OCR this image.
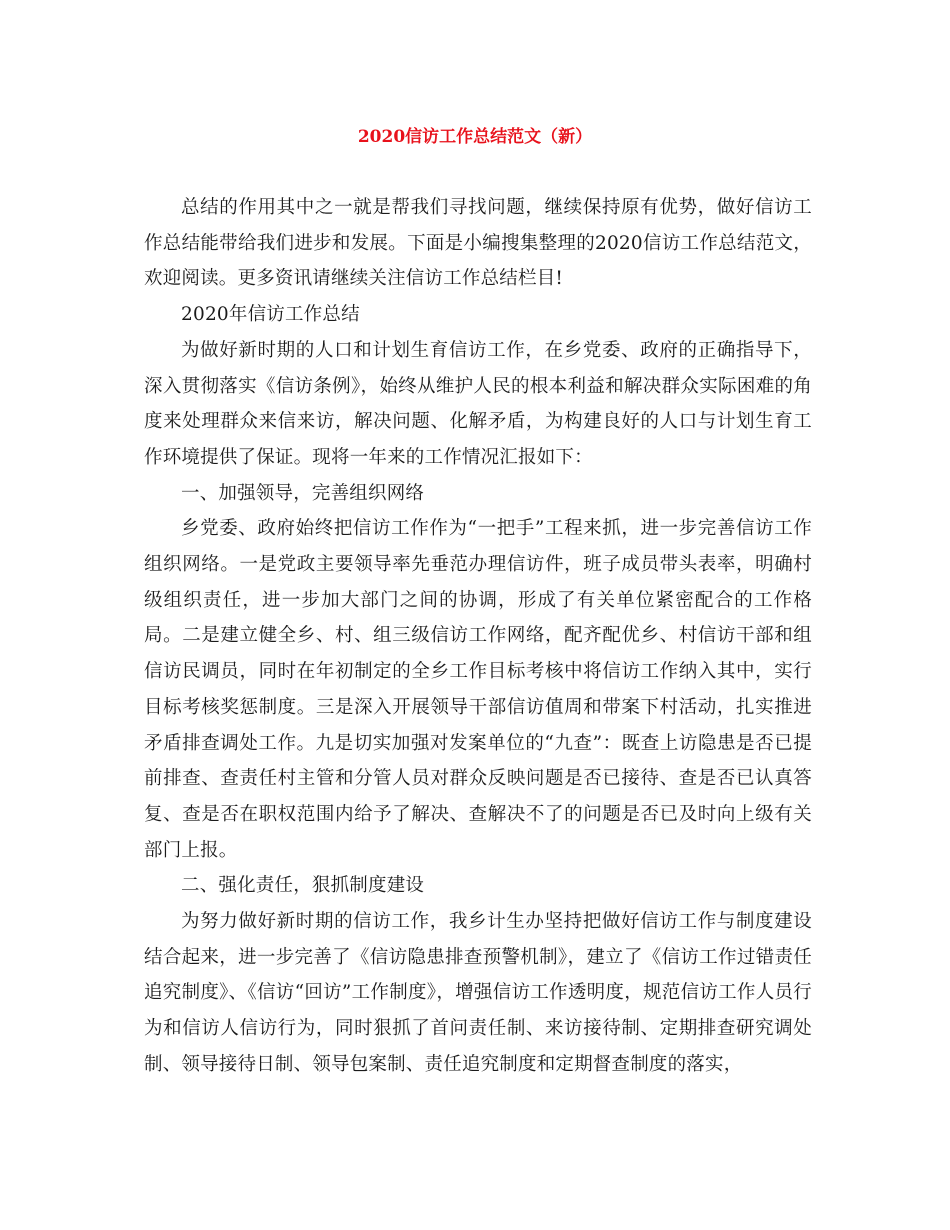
2020信访工作总结范文（新）

总结的作用其中之一就是帮我们寻找问题，继续保持原有优势，做好信访工作总结能带给我们进步和发展。下面是小编搜集整理的2020信访工作总结范文，欢迎阅读。更多资讯请继续关注信访工作总结栏目!

2020年信访工作总结

为做好新时期的人口和计划生育信访工作，在乡党委、政府的正确指导下，深入贯彻落实《信访条例》，始终从维护人民的根本利益和解决群众实际困难的角度来处理群众来信来访，解决问题、化解矛盾，为构建良好的人口与计划生育工作环境提供了保证。现将一年来的工作情况汇报如下：

一、加强领导，完善组织网络

乡党委、政府始终把信访工作作为“一把手”工程来抓，进一步完善信访工作组织网络。一是党政主要领导率先垂范办理信访件，班子成员带头表率，明确村级组织责任，进一步加大部门之间的协调，形成了有关单位紧密配合的工作格局。二是建立健全乡、村、组三级信访工作网络，配齐配优乡、村信访干部和组信访民调员，同时在年初制定的全乡工作目标考核中将信访工作纳入其中，实行目标考核奖惩制度。三是深入开展领导干部信访值周和带案下村活动，扎实推进矛盾排查调处工作。九是切实加强对发案单位的“九查”：既查上访隐患是否已提前排查、查责任村主管和分管人员对群众反映问题是否已接待、查是否已认真答复、查是否在职权范围内给予了解决、查解决不了的问题是否已及时向上级有关部门上报。

二、强化责任，狠抓制度建设

为努力做好新时期的信访工作，我乡计生办坚持把做好信访工作与制度建设结合起来，进一步完善了《信访隐患排查预警机制》，建立了《信访工作过错责任追究制度》、《信访“回访”工作制度》，增强信访工作透明度，规范信访工作人员行为和信访人信访行为，同时狠抓了首问责任制、来访接待制、定期排查研究调处制、领导接待日制、领导包案制、责任追究制度和定期督查制度的落实，
